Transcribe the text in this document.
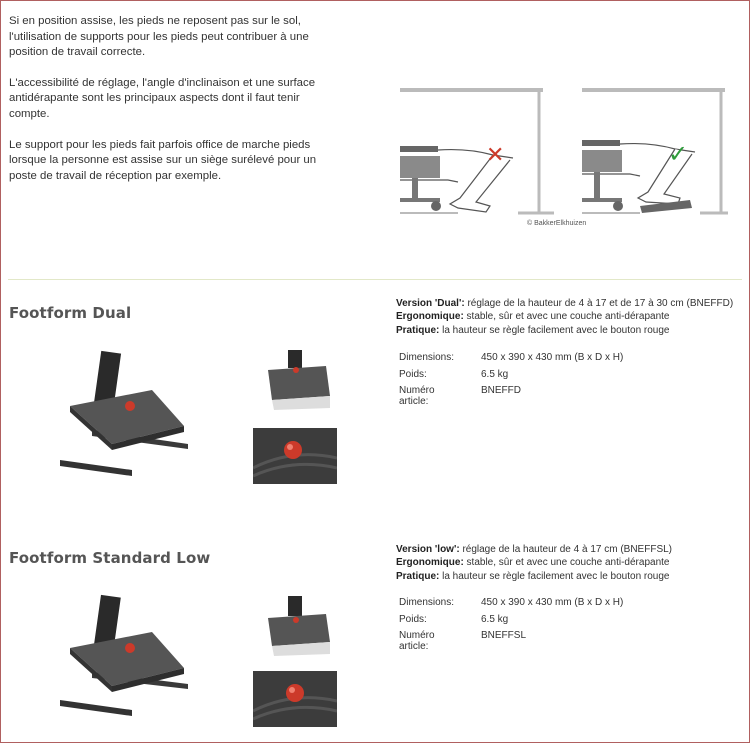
Si en position assise, les pieds ne reposent pas sur le sol, l'utilisation de supports pour les pieds peut contribuer à une position de travail correcte.

L'accessibilité de réglage, l'angle d'inclinaison et une surface antidérapante sont les principaux aspects dont il faut tenir compte.

Le support pour les pieds fait parfois office de marche pieds lorsque la personne est assise sur un siège surélevé pour un poste de travail de réception par exemple.

✕	✓
© BakkerElkhuizen
Footform Dual
Version 'Dual': réglage de la hauteur de 4 à 17 et de 17 à 30 cm (BNEFFD)
Ergonomique: stable, sûr et avec une couche anti-dérapante
Pratique: la hauteur se règle facilement avec le bouton rouge
Dimensions:	450 x 390 x 430 mm (B x D x H)
Poids:	6.5 kg
Numéro article:
BNEFFD
Footform Standard Low	Version 'low': réglage de la hauteur de 4 à 17 cm (BNEFFSL)
Ergonomique: stable, sûr et avec une couche anti-dérapante
Pratique: la hauteur se règle facilement avec le bouton rouge
Dimensions:	450 x 390 x 430 mm (B x D x H)
Poids:	6.5 kg
Numéro article:
BNEFFSL
